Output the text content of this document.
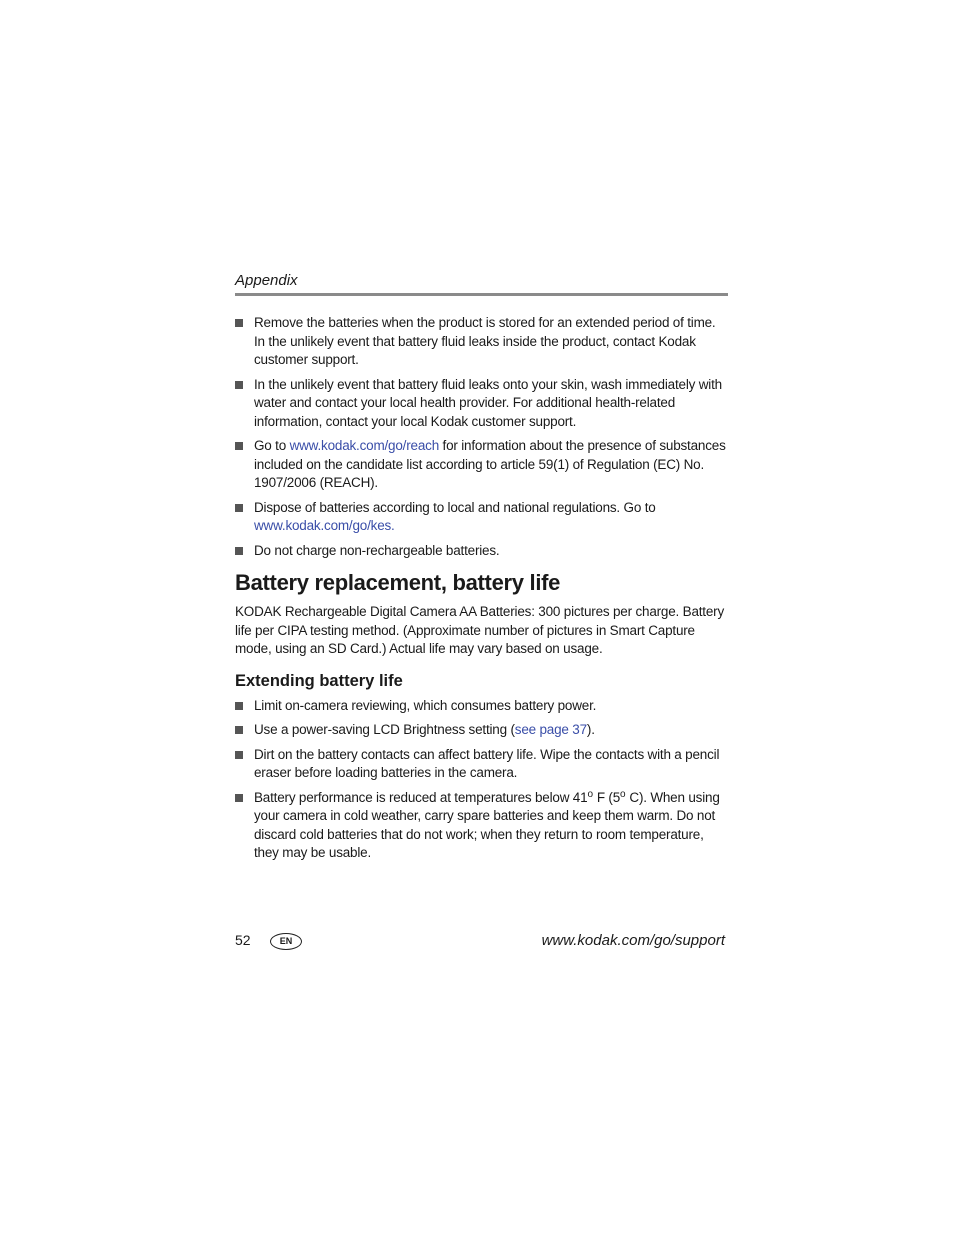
Appendix
Remove the batteries when the product is stored for an extended period of time. In the unlikely event that battery fluid leaks inside the product, contact Kodak customer support.
In the unlikely event that battery fluid leaks onto your skin, wash immediately with water and contact your local health provider. For additional health-related information, contact your local Kodak customer support.
Go to www.kodak.com/go/reach for information about the presence of substances included on the candidate list according to article 59(1) of Regulation (EC) No. 1907/2006 (REACH).
Dispose of batteries according to local and national regulations. Go to www.kodak.com/go/kes.
Do not charge non-rechargeable batteries.
Battery replacement, battery life

KODAK Rechargeable Digital Camera AA Batteries: 300 pictures per charge. Battery life per CIPA testing method. (Approximate number of pictures in Smart Capture mode, using an SD Card.) Actual life may vary based on usage.

Extending battery life
Limit on-camera reviewing, which consumes battery power.
Use a power-saving LCD Brightness setting (see page 37).
Dirt on the battery contacts can affect battery life. Wipe the contacts with a pencil eraser before loading batteries in the camera.
Battery performance is reduced at temperatures below 41$^o$ F (5$^o$ C). When using your camera in cold weather, carry spare batteries and keep them warm. Do not discard cold batteries that do not work; when they return to room temperature, they may be usable.
52	EN	www.kodak.com/go/support
